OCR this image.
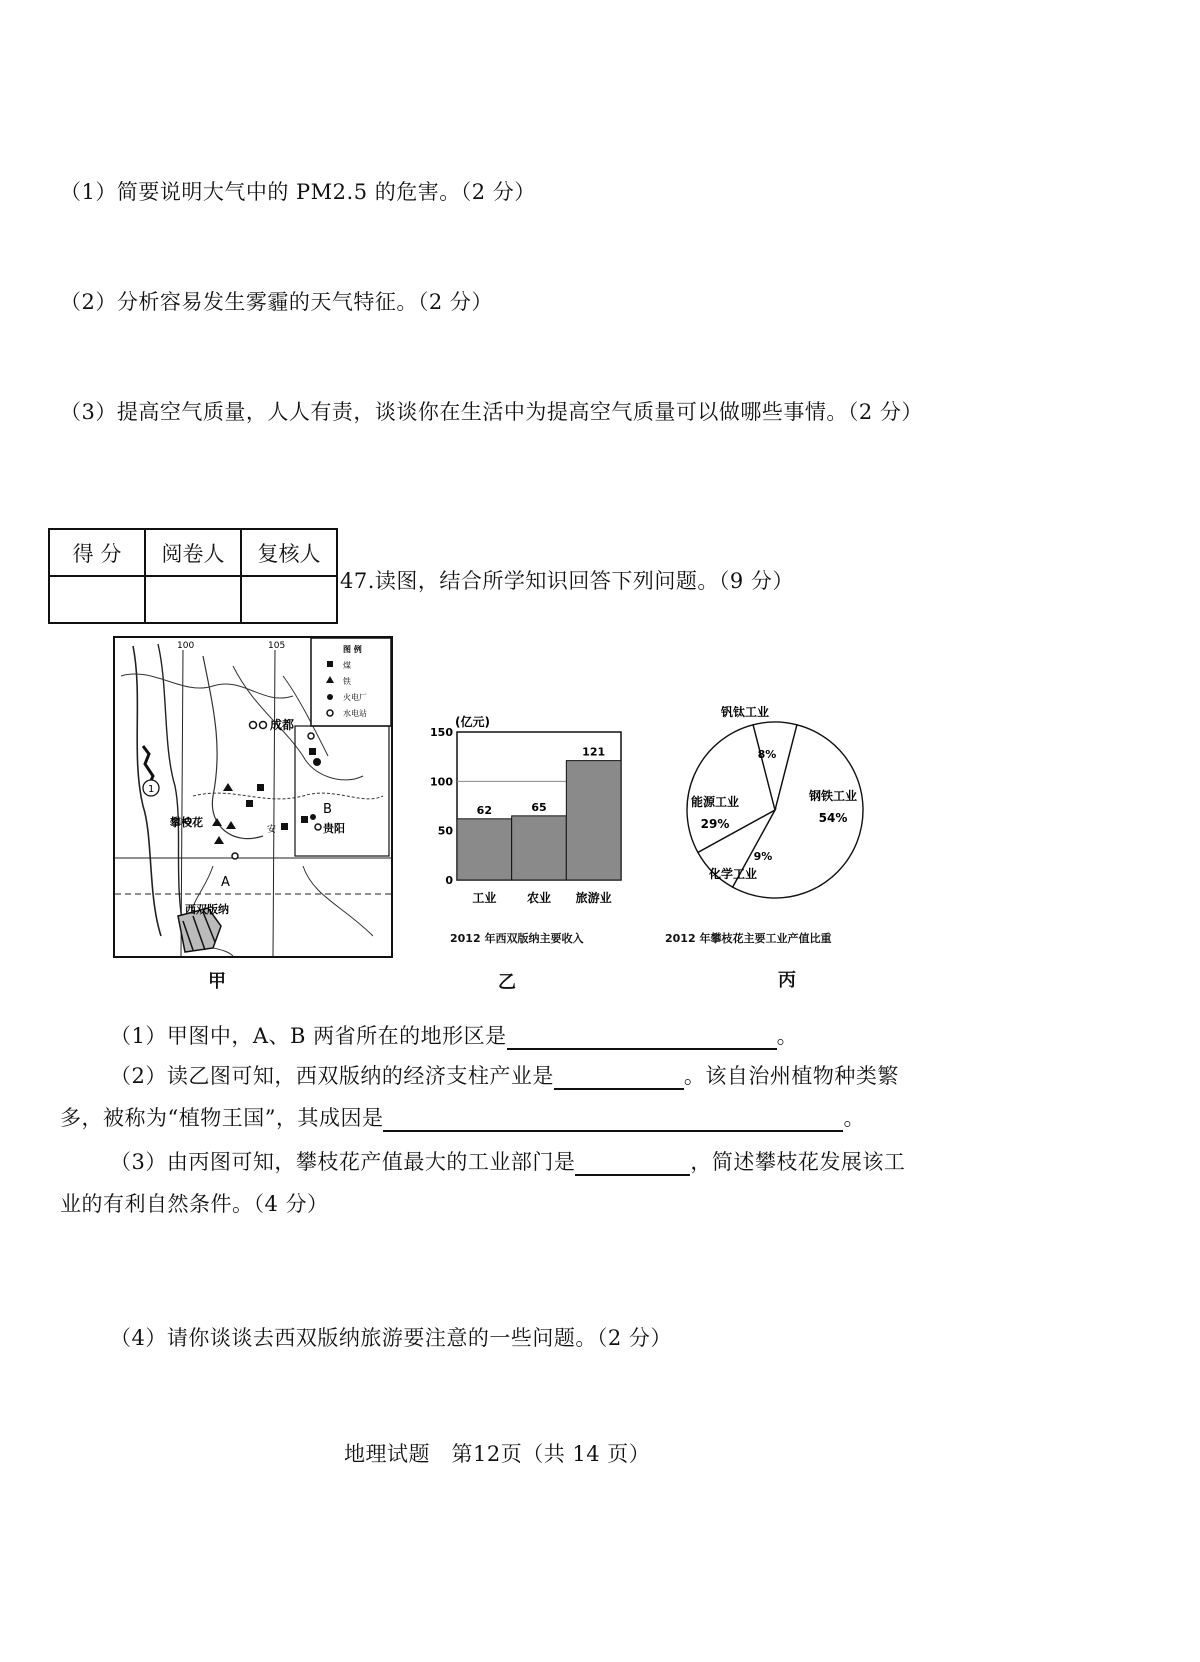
（1）简要说明大气中的 PM2.5 的危害。（2 分）
（2）分析容易发生雾霾的天气特征。（2 分）
（3）提高空气质量，人人有责，谈谈你在生活中为提高空气质量可以做哪些事情。（2 分）
得 分	阅卷人	复核人

47.读图，结合所学知识回答下列问题。（9 分）
100	105	图 例
煤
铁
火电厂
水电站
成都
贵阳
B
安
攀枝花
A
西双版纳
1
甲
(亿元)
0
50
100
150
62
工业
65
农业
121
旅游业
2012 年西双版纳主要收入
乙
钢铁工业
54%
9%
能源工业
29%
8%
钒钛工业
化学工业
2012 年攀枝花主要工业产值比重
丙
（1）甲图中，A、B 两省所在的地形区是	。
（2）读乙图可知，西双版纳的经济支柱产业是	。该自治州植物种类繁
多，被称为“植物王国”，其成因是	。
（3）由丙图可知，攀枝花产值最大的工业部门是	，简述攀枝花发展该工
业的有利自然条件。（4 分）
（4）请你谈谈去西双版纳旅游要注意的一些问题。（2 分）
地理试题　第12页（共 14 页）
